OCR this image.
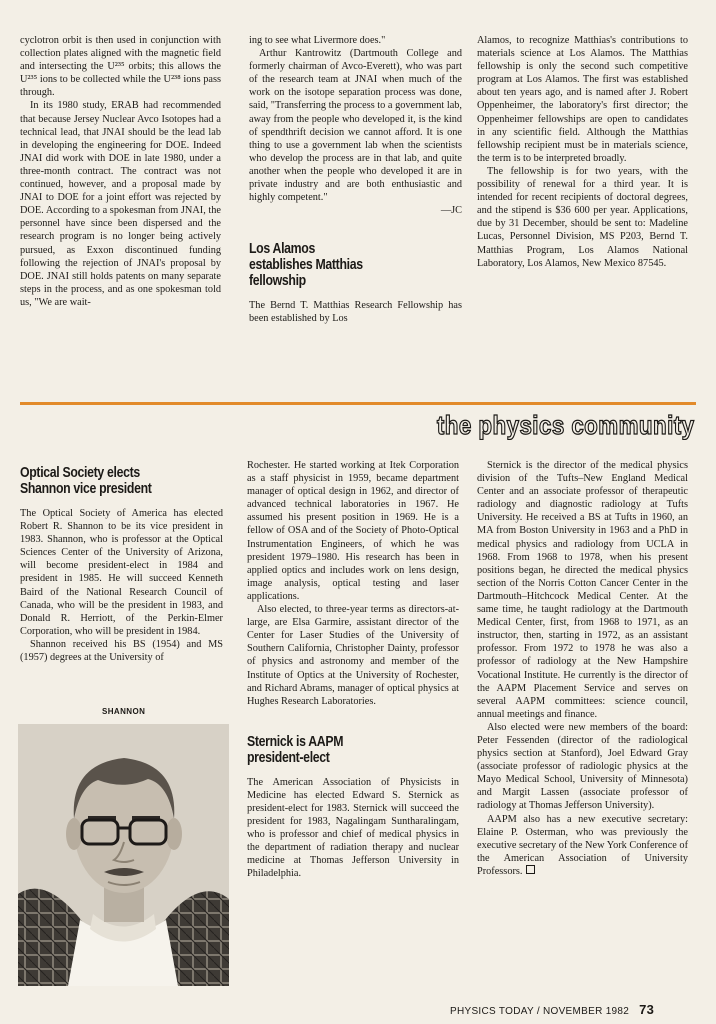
cyclotron orbit is then used in conjunction with collection plates aligned with the magnetic field and intersecting the U²³⁵ orbits; this allows the U²³⁵ ions to be collected while the U²³⁸ ions pass through.

In its 1980 study, ERAB had recommended that because Jersey Nuclear Avco Isotopes had a technical lead, that JNAI should be the lead lab in developing the engineering for DOE. Indeed JNAI did work with DOE in late 1980, under a three-month contract. The contract was not continued, however, and a proposal made by JNAI to DOE for a joint effort was rejected by DOE. According to a spokesman from JNAI, the personnel have since been dispersed and the research program is no longer being actively pursued, as Exxon discontinued funding following the rejection of JNAI's proposal by DOE. JNAI still holds patents on many separate steps in the process, and as one spokesman told us, "We are wait-

ing to see what Livermore does."

Arthur Kantrowitz (Dartmouth College and formerly chairman of Avco-Everett), who was part of the research team at JNAI when much of the work on the isotope separation process was done, said, "Transferring the process to a government lab, away from the people who developed it, is the kind of spendthrift decision we cannot afford. It is one thing to use a government lab when the scientists who develop the process are in that lab, and quite another when the people who developed it are in private industry and are both enthusiastic and highly competent."

—JC

Los Alamos establishes Matthias fellowship

The Bernd T. Matthias Research Fellowship has been established by Los

Alamos, to recognize Matthias's contributions to materials science at Los Alamos. The Matthias fellowship is only the second such competitive program at Los Alamos. The first was established about ten years ago, and is named after J. Robert Oppenheimer, the laboratory's first director; the Oppenheimer fellowships are open to candidates in any scientific field. Although the Matthias fellowship recipient must be in materials science, the term is to be interpreted broadly.

The fellowship is for two years, with the possibility of renewal for a third year. It is intended for recent recipients of doctoral degrees, and the stipend is $36 600 per year. Applications, due by 31 December, should be sent to: Madeline Lucas, Personnel Division, MS P203, Bernd T. Matthias Program, Los Alamos National Laboratory, Los Alamos, New Mexico 87545.

the physics community
Optical Society elects Shannon vice president

The Optical Society of America has elected Robert R. Shannon to be its vice president in 1983. Shannon, who is professor at the Optical Sciences Center of the University of Arizona, will become president-elect in 1984 and president in 1985. He will succeed Kenneth Baird of the National Research Council of Canada, who will be the president in 1983, and Donald R. Herriott, of the Perkin-Elmer Corporation, who will be president in 1984.

Shannon received his BS (1954) and MS (1957) degrees at the University of

SHANNON

Rochester. He started working at Itek Corporation as a staff physicist in 1959, became department manager of optical design in 1962, and director of advanced technical laboratories in 1967. He assumed his present position in 1969. He is a fellow of OSA and of the Society of Photo-Optical Instrumentation Engineers, of which he was president 1979–1980. His research has been in applied optics and includes work on lens design, image analysis, optical testing and laser applications.

Also elected, to three-year terms as directors-at-large, are Elsa Garmire, assistant director of the Center for Laser Studies of the University of Southern California, Christopher Dainty, professor of physics and astronomy and member of the Institute of Optics at the University of Rochester, and Richard Abrams, manager of optical physics at Hughes Research Laboratories.

Sternick is AAPM president-elect

The American Association of Physicists in Medicine has elected Edward S. Sternick as president-elect for 1983. Sternick will succeed the president for 1983, Nagalingam Suntharalingam, who is professor and chief of medical physics in the department of radiation therapy and nuclear medicine at Thomas Jefferson University in Philadelphia.

Sternick is the director of the medical physics division of the Tufts–New England Medical Center and an associate professor of therapeutic radiology and diagnostic radiology at Tufts University. He received a BS at Tufts in 1960, an MA from Boston University in 1963 and a PhD in medical physics and radiology from UCLA in 1968. From 1968 to 1978, when his present positions began, he directed the medical physics section of the Norris Cotton Cancer Center in the Dartmouth–Hitchcock Medical Center. At the same time, he taught radiology at the Dartmouth Medical Center, first, from 1968 to 1971, as an instructor, then, starting in 1972, as an assistant professor. From 1972 to 1978 he was also a professor of radiology at the New Hampshire Vocational Institute. He currently is the director of the AAPM Placement Service and serves on several AAPM committees: science council, annual meetings and finance.

Also elected were new members of the board: Peter Fessenden (director of the radiological physics section at Stanford), Joel Edward Gray (associate professor of radiologic physics at the Mayo Medical School, University of Minnesota) and Margit Lassen (associate professor of radiology at Thomas Jefferson University).

AAPM also has a new executive secretary: Elaine P. Osterman, who was previously the executive secretary of the New York Conference of the American Association of University Professors.

PHYSICS TODAY / NOVEMBER 1982 73
